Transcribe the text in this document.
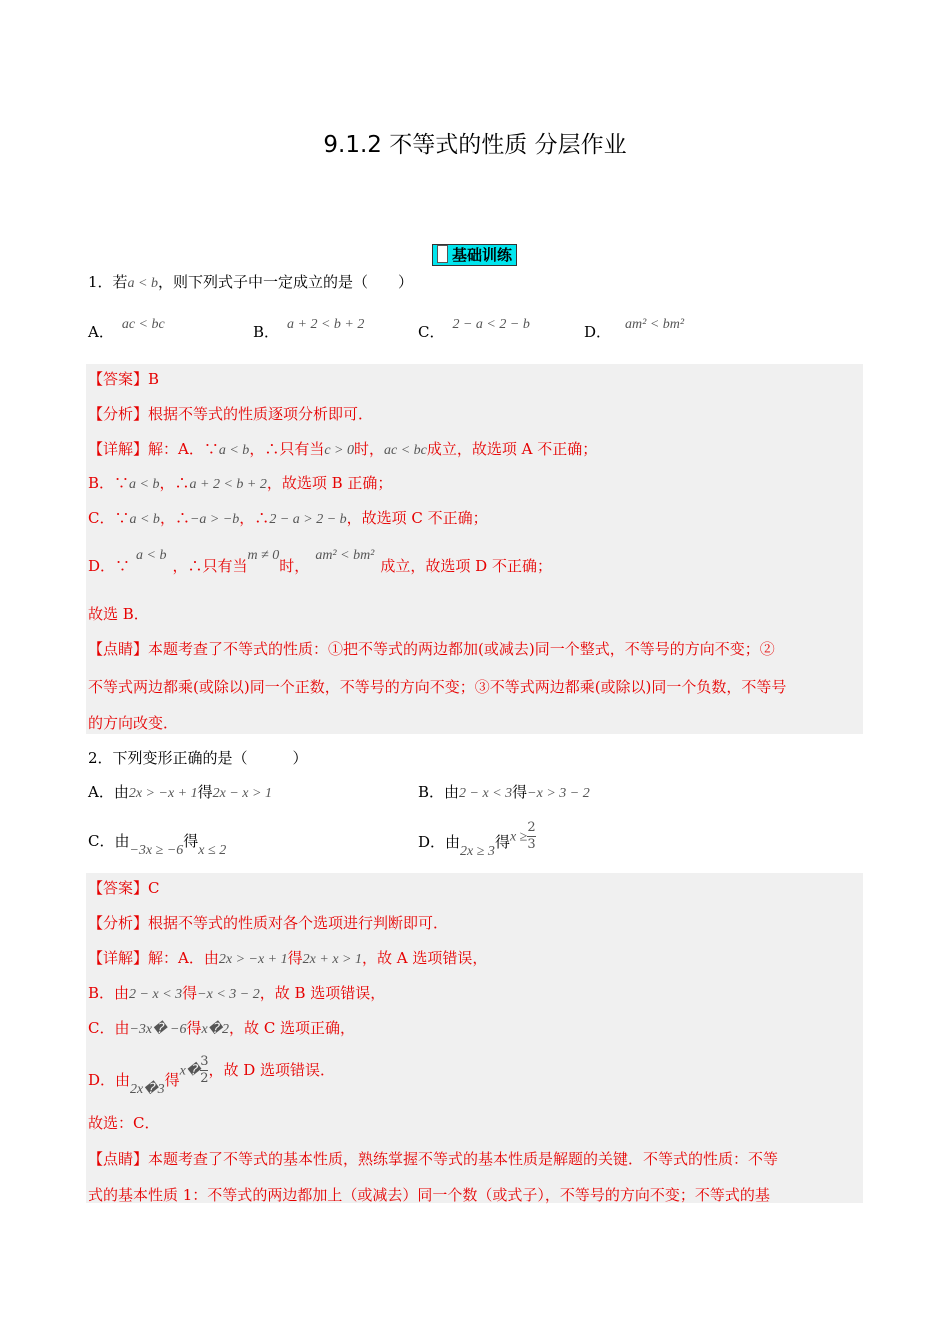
9.1.2 不等式的性质 分层作业
基础训练
1．若a < b，则下列式子中一定成立的是（　　）
A． ac < bc	B． a + 2 < b + 2	C． 2 − a < 2 − b	D． am² < bm²
【答案】B
【分析】根据不等式的性质逐项分析即可．
【详解】解：A．∵a < b，∴只有当c > 0时，ac < bc成立，故选项 A 不正确；
B．∵a < b，∴a + 2 < b + 2，故选项 B 正确；
C．∵a < b，∴−a > −b，∴2 − a > 2 − b，故选项 C 不正确；
D．∵a < b，∴只有当m ≠ 0时，am² < bm²成立，故选项 D 不正确；
故选 B．
【点睛】本题考查了不等式的性质：①把不等式的两边都加(或减去)同一个整式，不等号的方向不变；②
不等式两边都乘(或除以)同一个正数，不等号的方向不变；③不等式两边都乘(或除以)同一个负数，不等号
的方向改变．
2．下列变形正确的是（　　　）
A．由2x > −x + 1得2x − x > 1	B．由2 − x < 3得−x > 3 − 2
C．由−3x ≥ −6得x ≤ 2	D．由2x ≥ 3得$x \ge \frac{2}{3}$
【答案】C
【分析】根据不等式的性质对各个选项进行判断即可．
【详解】解：A．由2x > −x + 1得2x + x > 1，故 A 选项错误，
B．由2 − x < 3得−x < 3 − 2，故 B 选项错误，
C．由−3x� −6得x�2，故 C 选项正确，
D．由2x�3得x� $\frac{3}{2}$ ，故 D 选项错误．
故选：C．
【点睛】本题考查了不等式的基本性质，熟练掌握不等式的基本性质是解题的关键．不等式的性质：不等
式的基本性质 1：不等式的两边都加上（或减去）同一个数（或式子），不等号的方向不变；不等式的基
